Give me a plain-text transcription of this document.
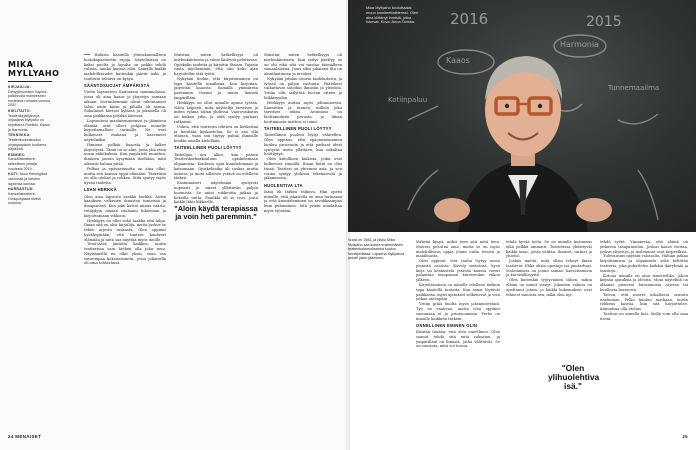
MIKA
MYLLYAHO
KIRJAILIJA: Debyyttiromaani Kapina-palkinnolla maineeseen nosteleva romaani vuonna 2002.
KIELITAITO: Teatterikirjailijana ja ohjaajana Myllyaho on kirjoittanut Paniikki, Kaaos ja Harmonia.
TEKNIIKKA: Teatterikorkeakoulun ohjaajaopiston tuottama näytelmä.
ESIMIES: Kansallisteatterin taiteellinen johtaja vuodesta 2019.
KOTI: Asuu Helsingissä vaimonsa ja kahden lapsensa kanssa.
HARRASTUS: Kansallisteatterin Omapohjassa tiiviisti mukana.

— Halusin käsitellä yhteiskunnallisen hoitokapasiteetin rajoja. Näytelmässä on kaksi puolta ja lopulta on pakko tehdä valinta, minkä kanssa elää. Samalla kaikki mahdollisuudet kuitenkin jäävät auki, ja teatterin tehtävä on kysyä.

SÄÄNTÖSUOJAT ÄMPÄRISTÄ

Vietin lapsuuteni Kainuussa mummolassa, jossa oli aina kaaos ja järjestys samaan aikaan. Isovanhemmat olivat rakentaneet talon omin käsin ja pihalla oli sauna. Sukulaiset kävivät kylässä ja jokaisella oli oma paikkansa pöydän ääressä.

Lapsuuteni maalaismaisemat ja jäämisen elämää ovat olleet pohjana monelle kirjoittamalleni tarinalle. Ne ovat kulkeneet mukana ja kasvaneet näytelmiksi.

Ihminen pelkää kaaosta ja hakee järjestystä. Tämä on se alue, josta yhä etsin uusia näkökulmia. Kun ympäristö muuttuu, ihminen joutuu kysymään itseltään, mitä oikeasti haluaa pitää.

Pelkoa ja epävarmuutta on aina ollut, mutta sen kanssa oppii elämään. Tärkeintä on olla utelias ja rohkea. Siitä syntyy myös hyvää taidetta.

LIIAN HERKKÄ

Olen aina lapsesta saakka herkkä. Aistin kaaoksen valtavien ihmisten tunteissa ja ilmapiirissä. Kun joku katsoi minua väärin, vetäydyin omaan rauhaani lukemaan ja kirjoittamaan vihkoon.

Herkkyys on ollut sekä taakka että lahja. Ilman sitä en olisi kirjailija, mutta joskus se tekee arjesta raskasta. Olen oppinut hyväksymään, että tunteet kuuluvat elämään ja niitä saa näyttää myös muille.

Teini-iässä jännitin kaikkea, mutta teatterissa sain hetken olla joku muu. Näyttämöllä en ollut yksin, vaan osa suurempaa kokonaisuutta, jossa jokaisella oli oma tehtävänsä.

Muistan, miten hetkellisyys oli mielenkiintoista ja viime kädessä pelottavaa. Opiskelin taidetta ja kirjoitin iltaisin. Tajusin vasta myöhemmin, että olin koko ajan harjoitellut tätä työtä.

Nykyään tiedän, että kirjoittaminen on tapa käsitellä maailmaa. Kun kirjoitan, järjestän kaaosta. Samalla ymmärrän paremmin itseäni ja muita ihmisiä ympärilläni.

Herkkyys on ollut minulle apuna työssä. Näen helposti, mitä näyttelijä tarvitsee ja miten ryhmä toimii yhdessä. Vuorovaikutus on kaiken ydin, ja siitä syntyy parhaat ratkaisut.

Uskon, että teatterin tehtävä on koskettaa ja herättää keskustelua. Se ei saa olla etäinen, vaan sen täytyy puhua ihmisille heidän omalla kielellään.

TAITEELLINEN PUOLI LÖYTYY

Taiteilijan ura alkoi, kun pääsin Teatterikorkeakouluun opiskelemaan ohjaamista. Koulussa opin kuuntelemaan ja katsomaan. Opiskeluaika oli raskas mutta antoisa, ja moni silloinen ystävä on edelleen tärkeä.

Ensimmäiset näytelmäni syntyivät nopeasti ja saivat yllättävän paljon huomiota. Se antoi rohkeutta jatkaa ja kokeilla uutta. Paniikki oli se teos, josta

Muistan, miten hetkellisyys oli mielenkiintoista. Kun esitys päättyy, se on ohi eikä sitä voi toistaa täsmälleen samanlaisena. Juuri siksi jokainen ilta on ainutlaatuinen ja arvokas.

Nykyään johdan suurta taidelaitosta, ja työssä on paljon vastuuta. Päätökset vaikuttavat satoihin ihmisiin ja yleisöön. Yritän silti säilyttää luovan otteen ja leikkisyyden.

Herkkyys auttaa myös johtamisessa. Kuuntelen ja tunnen, milloin joku tarvitsee tukea. Avoimuus on luottamuksen perusta, ja ilman luottamusta teatteri ei toimi.

TAITEELLINEN PUOLI LÖYTYY

Taiteellinen puoleni löytyi vähitellen. Olen oppinut, että epäonnistuminen kuuluu prosessiin ja että parhaat ideat syntyvät usein yllättäen, kun uskaltaa heittäytyä.

Olen kiitollinen kaikista, jotka ovat kulkeneet rinnalla. Ilman heitä en olisi tässä. Teatteri on yhteinen asia, ja sen voima syntyy yhdessä tekemisestä ja jakamisesta.

HUOLENTIVA LTA

Isäni oli tärkeä esikuva. Hän opetti minulle, että jokaisella on oma tarinansa ja että kuunteleminen on arvokkaampaa kuin puhuminen. Sitä yritän noudattaa myös työssäni.

"Aloin käydä terapiassa ja voin heti paremmin."
24 MENAISET
2016	2015
Kaaos
Harmonia
Tunnemaailma
Kotiinpaluu
Mika Myllyaho kouluttaalai muun komiteettaiidenssi. Olen aina kiittänyt ihmisiä, jotka tukevat. Kuva: Anna Tanska.
Vuosi on 1983, ja pikku Mika Myllyaho saa kokea ensimmäisen teatterikokemuksensa koulun kevätjuhlassa. Lapsena Myllyahoa pelotti yksin jääminen.

tärkeää kysyä, miksi teen sitä mitä teen. Muutos pelottaa aina, mutta se on myös mahdollisuus oppia jotain uutta itsestä ja maailmasta.

Olen oppinut, että rauha löytyy usein pienistä asioista. Kävely metsässä, hyvä kirja tai keskustelu ystävän kanssa voivat palauttaa tasapainon kiireisenkin viikon jälkeen.

Kirjoittaminen on minulle edelleen tärkein tapa käsitellä tunteita. Kun sanat löytävät paikkansa, myös ajatukset selkenevät ja voin jatkaa eteenpäin.

Yritän pitää huolta myös jaksamisestani. Työ on vaativaa, mutta olen oppinut sanomaan ei ja priorisoimaan. Perhe on minulle kaikkein tärkein.

ONNELLINEN EMINEN OLIN

Käsitän tänään, että olen onnellinen. Olen saanut tehdä sitä mitä rakastan, ja ympärilläni on ihmisiä, jotka välittävät. Se on suurinta, mitä voi toivoa.

tehdä hyvää työtä. Se on minulle kutsumus eikä pelkkä ammatti. Teatterissa yhdistyvät kaikki asiat, joista välitän: ihmiset, tarinat ja yhteisö.

Joskus mietin, mitä olisin tehnyt ilman teatteria. Ehkä olisin opettaja tai puutarhuri. Molemmissa on jotain samaa: kasvattamista ja kärsivällisyyttä.

Olen kuitenkin tyytyväinen siihen, mihin elämä on minut vienyt. Jokainen valinta on opettanut jotain, ja kaikki kokemukset ovat tehneet minusta sen, mikä olen nyt.

tehdä työtä. Ymmärrän, että elämä on jatkuvaa tasapainoilua. Joskus kaaos voittaa, joskus järjestys, ja molemmat ovat tarpeellisia.

Tulevaisuus näyttää valoisalta. Haluan jatkaa kirjoittamista ja ohjaamista sekä kehittää teatteria, joka puhuttelee kaikkia ikäryhmiä ja taustoja.

Kotona minulla on aina muistivihko, johon kirjaan ajatuksia ja ideoita. Moni näytelmä on alkanut pienestä havainnosta arjessa tai kuullusta lauseesta.

Toivon, että nuoret uskaltavat seurata unelmiaan. Pelko kuuluu matkaan, mutta rohkeus kasvaa, kun sitä harjoittelee. Kannattaa olla utelias.

Teatteri on minulle koti. Siellä voin olla oma itseni.

"Olen ylihuolehtiva isä."
25
